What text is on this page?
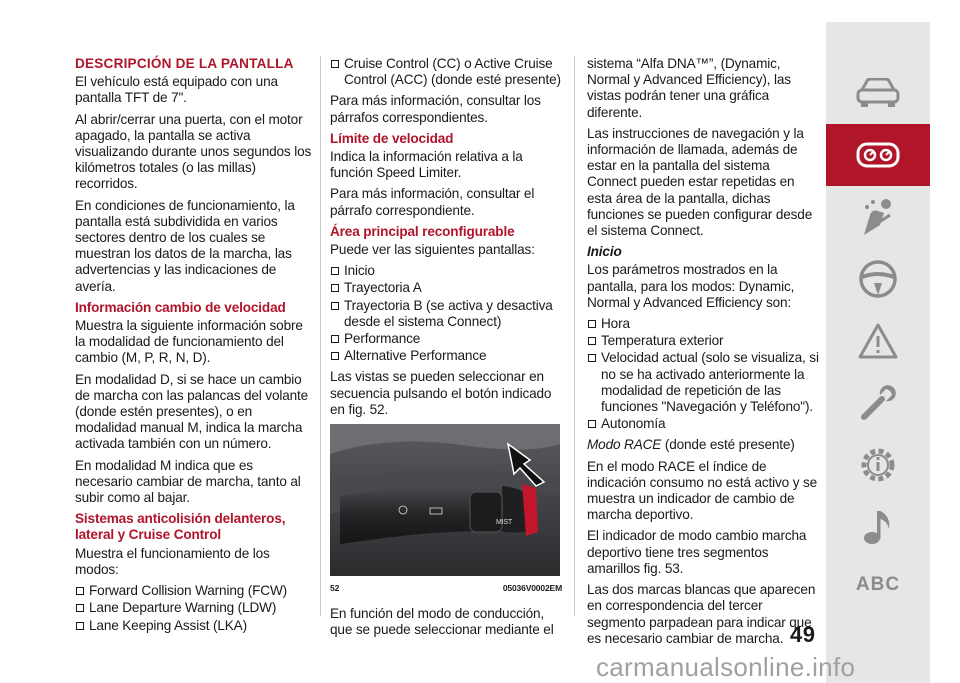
DESCRIPCIÓN DE LA PANTALLA

El vehículo está equipado con una pantalla TFT de 7".

Al abrir/cerrar una puerta, con el motor apagado, la pantalla se activa visualizando durante unos segundos los kilómetros totales (o las millas) recorridos.

En condiciones de funcionamiento, la pantalla está subdividida en varios sectores dentro de los cuales se muestran los datos de la marcha, las advertencias y las indicaciones de avería.

Información cambio de velocidad

Muestra la siguiente información sobre la modalidad de funcionamiento del cambio (M, P, R, N, D).

En modalidad D, si se hace un cambio de marcha con las palancas del volante (donde estén presentes), o en modalidad manual M, indica la marcha activada también con un número.

En modalidad M indica que es necesario cambiar de marcha, tanto al subir como al bajar.

Sistemas anticolisión delanteros, lateral y Cruise Control

Muestra el funcionamiento de los modos:

Forward Collision Warning (FCW)
Lane Departure Warning (LDW)
Lane Keeping Assist (LKA)
Cruise Control (CC) o Active Cruise Control (ACC) (donde esté presente)

Para más información, consultar los párrafos correspondientes.

Límite de velocidad

Indica la información relativa a la función Speed Limiter.

Para más información, consultar el párrafo correspondiente.

Área principal reconfigurable

Puede ver las siguientes pantallas:

Inicio
Trayectoria A
Trayectoria B (se activa y desactiva desde el sistema Connect)
Performance
Alternative Performance

Las vistas se pueden seleccionar en secuencia pulsando el botón indicado en fig. 52.

MIST
52	05036V0002EM

En función del modo de conducción, que se puede seleccionar mediante el

sistema “Alfa DNA™”, (Dynamic, Normal y Advanced Efficiency), las vistas podrán tener una gráfica diferente.

Las instrucciones de navegación y la información de llamada, además de estar en la pantalla del sistema Connect pueden estar repetidas en esta área de la pantalla, dichas funciones se pueden configurar desde el sistema Connect.

Inicio

Los parámetros mostrados en la pantalla, para los modos: Dynamic, Normal y Advanced Efficiency son:

Hora
Temperatura exterior
Velocidad actual (solo se visualiza, si no se ha activado anteriormente la modalidad de repetición de las funciones "Navegación y Teléfono").
Autonomía

Modo RACE (donde esté presente)

En el modo RACE el índice de indicación consumo no está activo y se muestra un indicador de cambio de marcha deportivo.

El indicador de modo cambio marcha deportivo tiene tres segmentos amarillos fig. 53.

Las dos marcas blancas que aparecen en correspondencia del tercer segmento parpadean para indicar que es necesario cambiar de marcha.

ABC
49
carmanualsonline.info
